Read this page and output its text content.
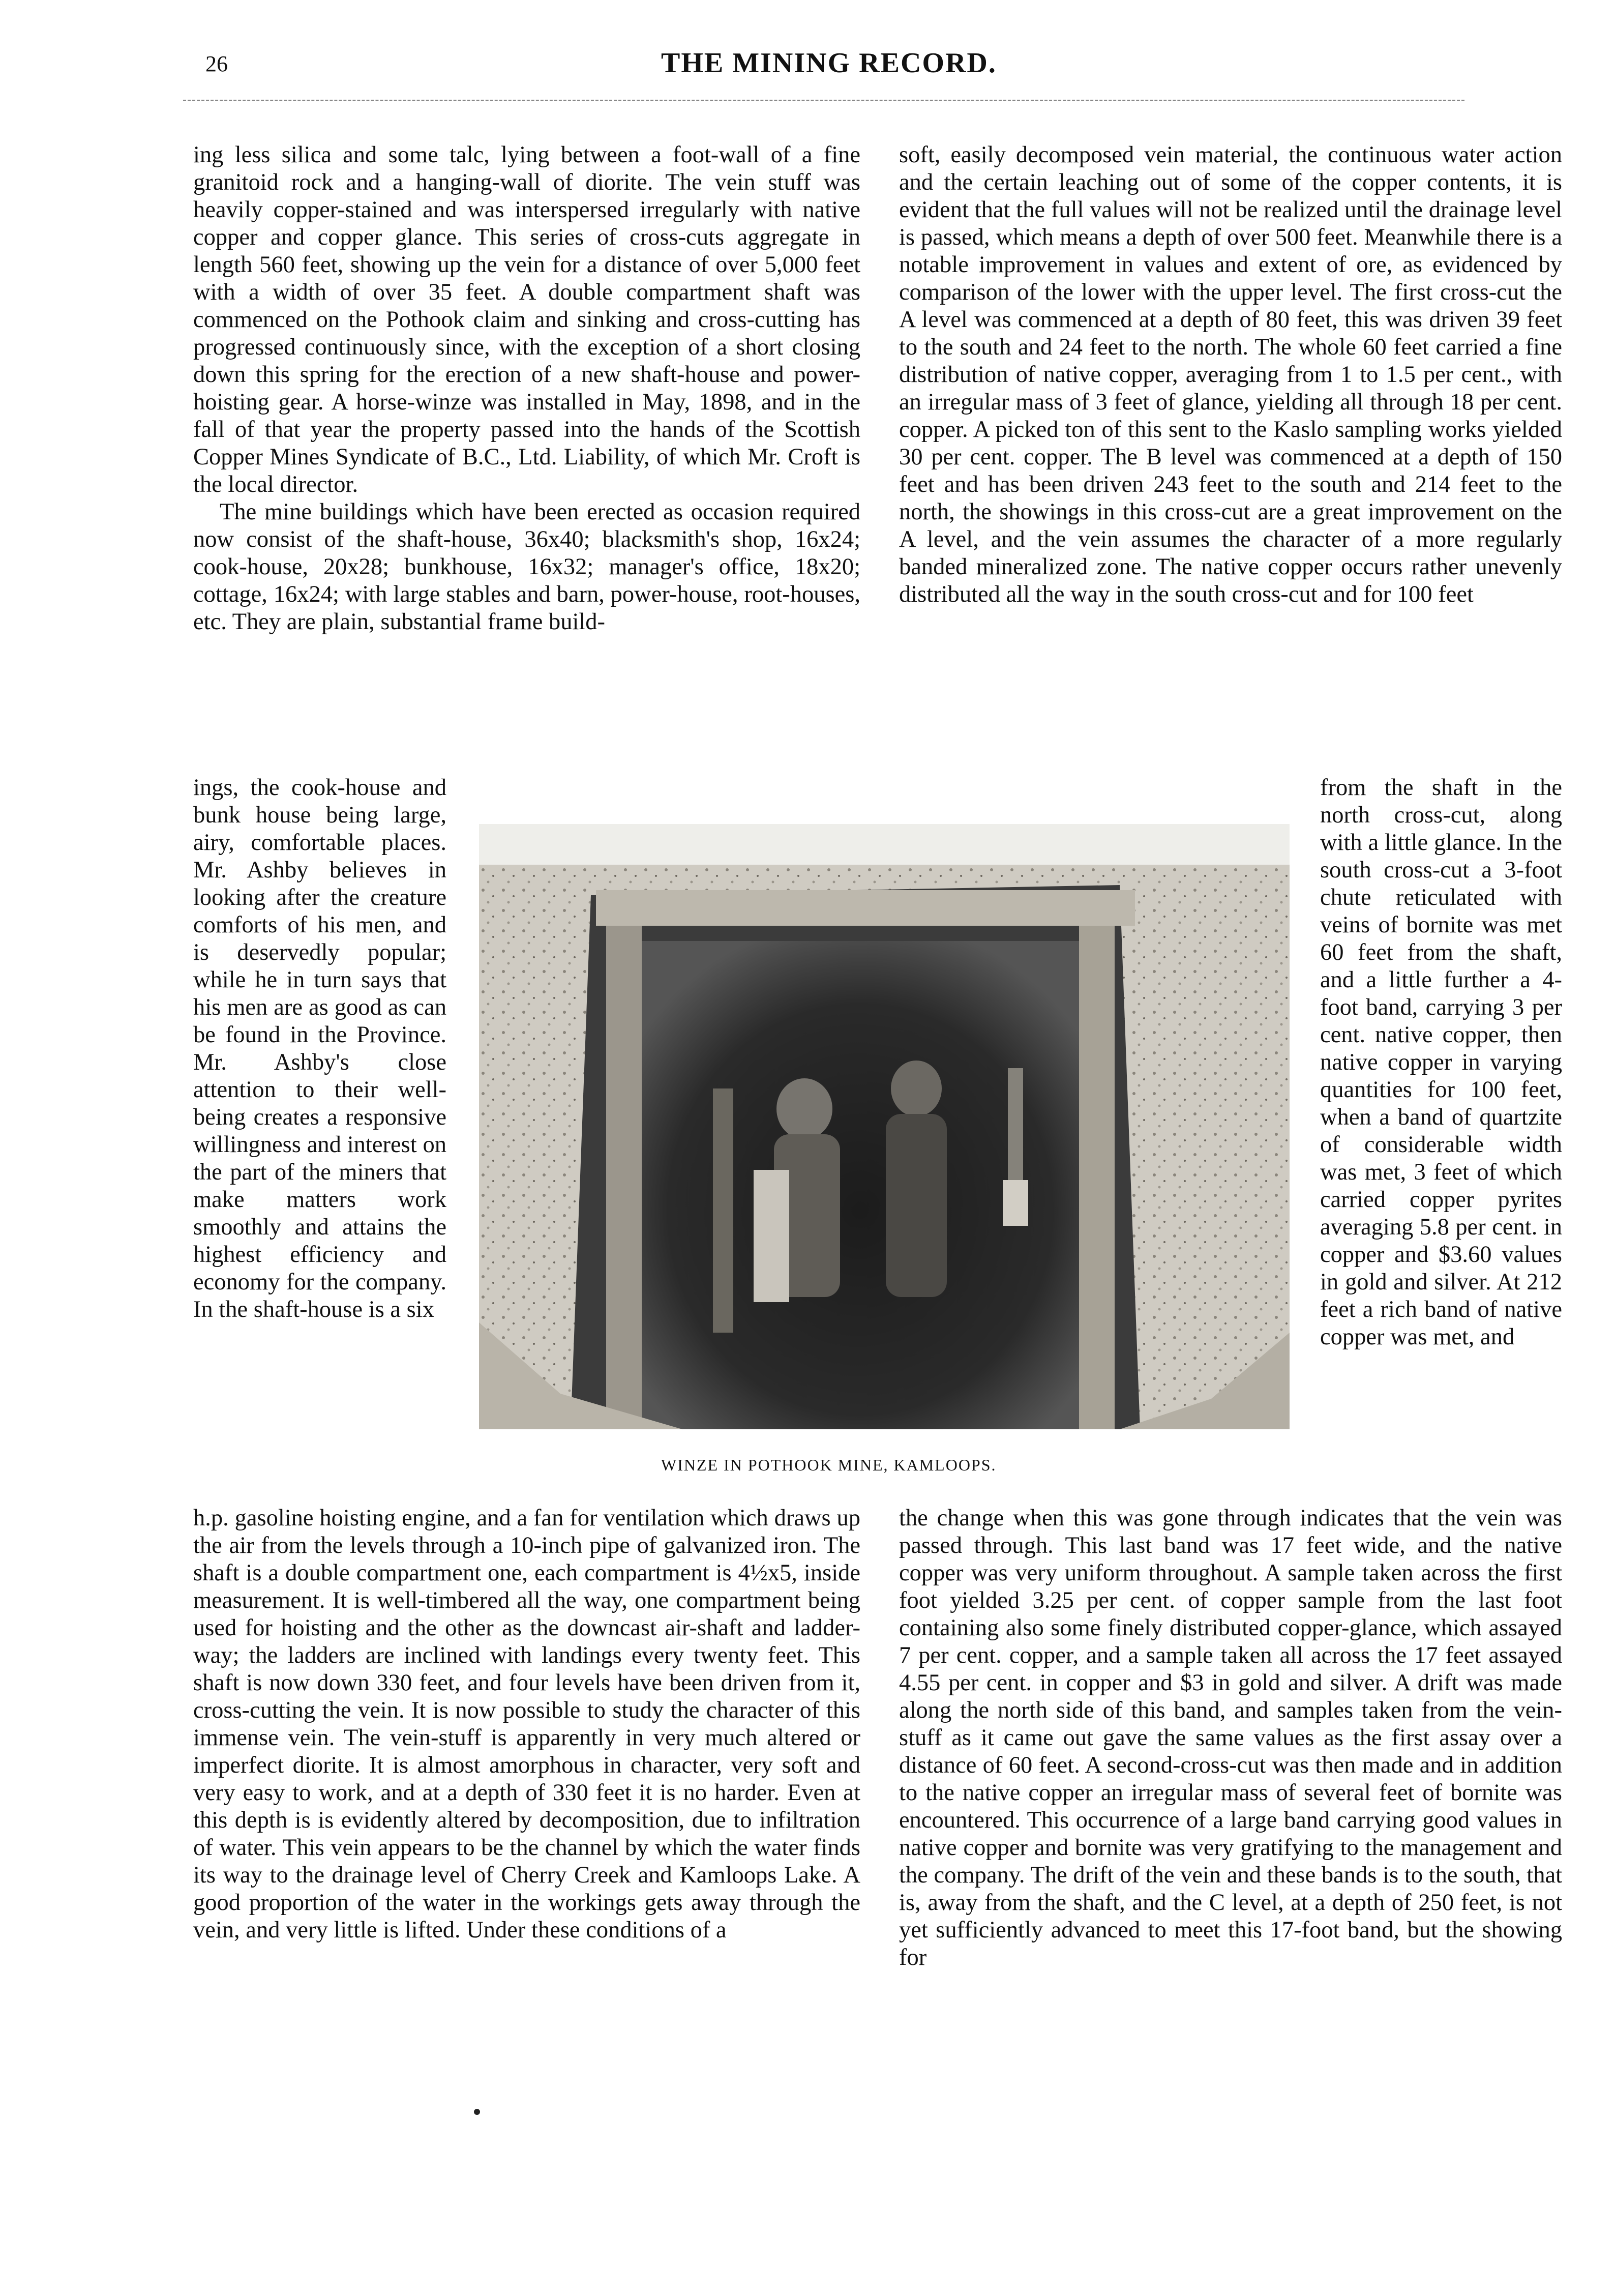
26	THE MINING RECORD.

ing less silica and some talc, lying between a foot-wall of a fine granitoid rock and a hanging-wall of diorite. The vein stuff was heavily copper-stained and was interspersed irregularly with native copper and copper glance. This series of cross-cuts aggregate in length 560 feet, showing up the vein for a distance of over 5,000 feet with a width of over 35 feet. A double compartment shaft was commenced on the Pothook claim and sinking and cross-cutting has progressed continuously since, with the exception of a short closing down this spring for the erection of a new shaft-house and power-hoisting gear. A horse-winze was installed in May, 1898, and in the fall of that year the property passed into the hands of the Scottish Copper Mines Syndicate of B.C., Ltd. Liability, of which Mr. Croft is the local director.

The mine buildings which have been erected as occasion required now consist of the shaft-house, 36x40; blacksmith's shop, 16x24; cook-house, 20x28; bunkhouse, 16x32; manager's office, 18x20; cottage, 16x24; with large stables and barn, power-house, root-houses, etc. They are plain, substantial frame build-

ings, the cook-house and bunk house being large, airy, comfortable places. Mr. Ashby believes in looking after the creature comforts of his men, and is deservedly popular; while he in turn says that his men are as good as can be found in the Province. Mr. Ashby's close attention to their well-being creates a responsive willingness and interest on the part of the miners that make matters work smoothly and attains the highest efficiency and economy for the company. In the shaft-house is a six

h.p. gasoline hoisting engine, and a fan for ventilation which draws up the air from the levels through a 10-inch pipe of galvanized iron. The shaft is a double compartment one, each compartment is 4½x5, inside measurement. It is well-timbered all the way, one compartment being used for hoisting and the other as the downcast air-shaft and ladder-way; the ladders are inclined with landings every twenty feet. This shaft is now down 330 feet, and four levels have been driven from it, cross-cutting the vein. It is now possible to study the character of this immense vein. The vein-stuff is apparently in very much altered or imperfect diorite. It is almost amorphous in character, very soft and very easy to work, and at a depth of 330 feet it is no harder. Even at this depth is is evidently altered by decomposition, due to infiltration of water. This vein appears to be the channel by which the water finds its way to the drainage level of Cherry Creek and Kamloops Lake. A good proportion of the water in the workings gets away through the vein, and very little is lifted. Under these conditions of a

soft, easily decomposed vein material, the continuous water action and the certain leaching out of some of the copper contents, it is evident that the full values will not be realized until the drainage level is passed, which means a depth of over 500 feet. Meanwhile there is a notable improvement in values and extent of ore, as evidenced by comparison of the lower with the upper level. The first cross-cut the A level was commenced at a depth of 80 feet, this was driven 39 feet to the south and 24 feet to the north. The whole 60 feet carried a fine distribution of native copper, averaging from 1 to 1.5 per cent., with an irregular mass of 3 feet of glance, yielding all through 18 per cent. copper. A picked ton of this sent to the Kaslo sampling works yielded 30 per cent. copper. The B level was commenced at a depth of 150 feet and has been driven 243 feet to the south and 214 feet to the north, the showings in this cross-cut are a great improvement on the A level, and the vein assumes the character of a more regularly banded mineralized zone. The native copper occurs rather unevenly distributed all the way in the south cross-cut and for 100 feet

from the shaft in the north cross-cut, along with a little glance. In the south cross-cut a 3-foot chute reticulated with veins of bornite was met 60 feet from the shaft, and a little further a 4-foot band, carrying 3 per cent. native copper, then native copper in varying quantities for 100 feet, when a band of quartzite of considerable width was met, 3 feet of which carried copper pyrites averaging 5.8 per cent. in copper and $3.60 values in gold and silver. At 212 feet a rich band of native copper was met, and

the change when this was gone through indicates that the vein was passed through. This last band was 17 feet wide, and the native copper was very uniform throughout. A sample taken across the first foot yielded 3.25 per cent. of copper sample from the last foot containing also some finely distributed copper-glance, which assayed 7 per cent. copper, and a sample taken all across the 17 feet assayed 4.55 per cent. in copper and $3 in gold and silver. A drift was made along the north side of this band, and samples taken from the vein-stuff as it came out gave the same values as the first assay over a distance of 60 feet. A second-cross-cut was then made and in addition to the native copper an irregular mass of several feet of bornite was encountered. This occurrence of a large band carrying good values in native copper and bornite was very gratifying to the management and the company. The drift of the vein and these bands is to the south, that is, away from the shaft, and the C level, at a depth of 250 feet, is not yet sufficiently advanced to meet this 17-foot band, but the showing for

WINZE IN POTHOOK MINE, KAMLOOPS.
